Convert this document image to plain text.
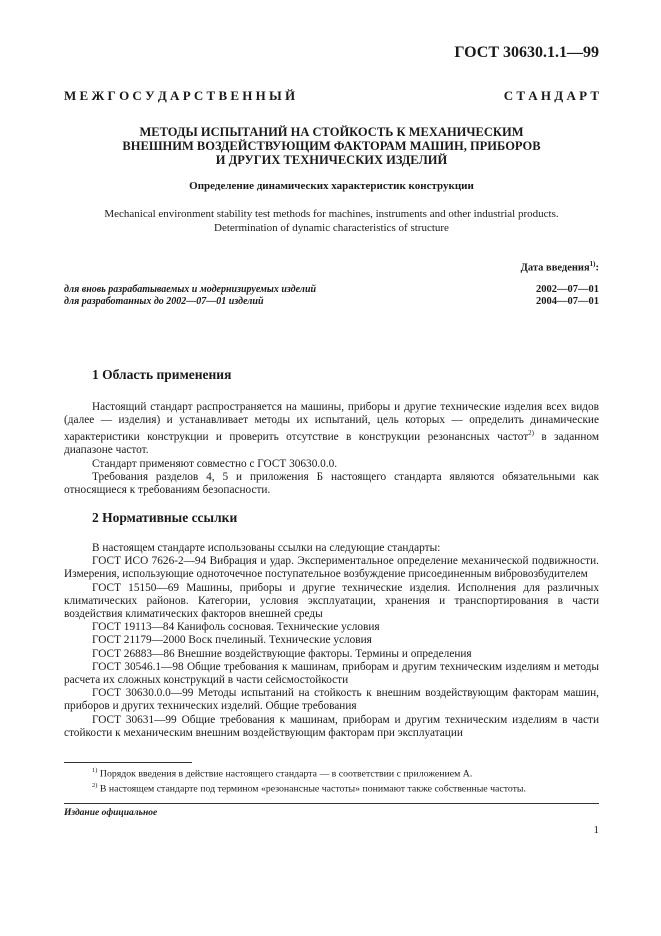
ГОСТ 30630.1.1—99
М Е Ж Г О С У Д А Р С Т В Е Н Н Ы Й	С Т А Н Д А Р Т
МЕТОДЫ ИСПЫТАНИЙ НА СТОЙКОСТЬ К МЕХАНИЧЕСКИМ
ВНЕШНИМ ВОЗДЕЙСТВУЮЩИМ ФАКТОРАМ МАШИН, ПРИБОРОВ
И ДРУГИХ ТЕХНИЧЕСКИХ ИЗДЕЛИЙ
Определение динамических характеристик конструкции
Mechanical environment stability test methods for machines, instruments and other industrial products.
Determination of dynamic characteristics of structure
Дата введения$^{1)}$:
для вновь разрабатываемых и модернизируемых изделий	2002—07—01
для разработанных до 2002—07—01 изделий	2004—07—01
1 Область применения

Настоящий стандарт распространяется на машины, приборы и другие технические изделия всех видов (далее — изделия) и устанавливает методы их испытаний, цель которых — определить динамические характеристики конструкции и проверить отсутствие в конструкции резонансных частот$^{2)}$ в заданном диапазоне частот.

Стандарт применяют совместно с ГОСТ 30630.0.0.

Требования разделов 4, 5 и приложения Б настоящего стандарта являются обязательными как относящиеся к требованиям безопасности.

2 Нормативные ссылки

В настоящем стандарте использованы ссылки на следующие стандарты:

ГОСТ ИСО 7626-2—94 Вибрация и удар. Экспериментальное определение механической подвижности. Измерения, использующие одноточечное поступательное возбуждение присоединенным вибровозбудителем

ГОСТ 15150—69 Машины, приборы и другие технические изделия. Исполнения для различных климатических районов. Категории, условия эксплуатации, хранения и транспортирования в части воздействия климатических факторов внешней среды

ГОСТ 19113—84 Канифоль сосновая. Технические условия

ГОСТ 21179—2000 Воск пчелиный. Технические условия

ГОСТ 26883—86 Внешние воздействующие факторы. Термины и определения

ГОСТ 30546.1—98 Общие требования к машинам, приборам и другим техническим изделиям и методы расчета их сложных конструкций в части сейсмостойкости

ГОСТ 30630.0.0—99 Методы испытаний на стойкость к внешним воздействующим факторам машин, приборов и других технических изделий. Общие требования

ГОСТ 30631—99 Общие требования к машинам, приборам и другим техническим изделиям в части стойкости к механическим внешним воздействующим факторам при эксплуатации

$^{1)}$ Порядок введения в действие настоящего стандарта — в соответствии с приложением А.

$^{2)}$ В настоящем стандарте под термином «резонансные частоты» понимают также собственные частоты.

Издание официальное
1
